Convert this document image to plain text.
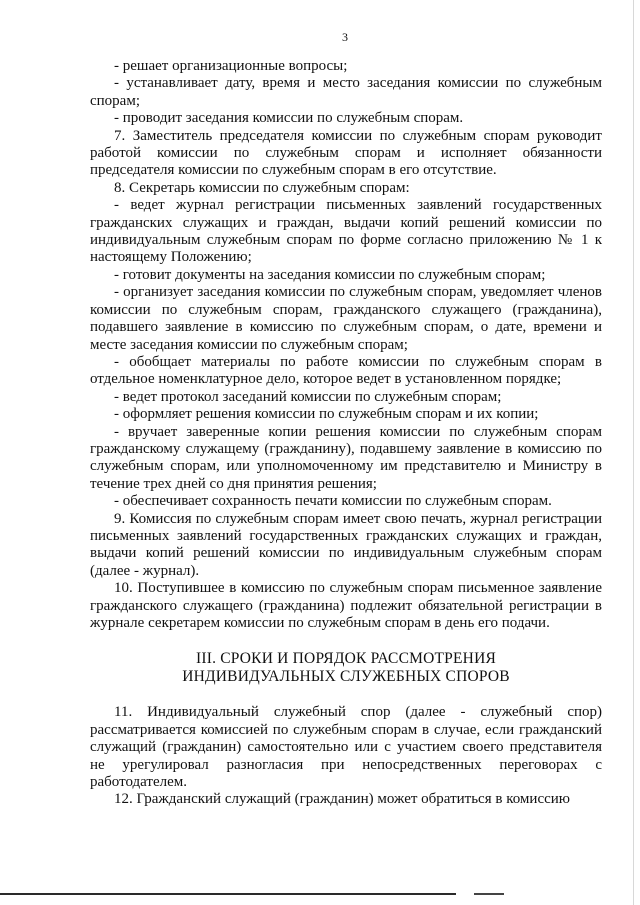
3

- решает организационные вопросы;

- устанавливает дату, время и место заседания комиссии по служебным спорам;

- проводит заседания комиссии по служебным спорам.

7. Заместитель председателя комиссии по служебным спорам руководит работой комиссии по служебным спорам и исполняет обязанности председателя комиссии по служебным спорам в его отсутствие.

8. Секретарь комиссии по служебным спорам:

- ведет журнал регистрации письменных заявлений государственных гражданских служащих и граждан, выдачи копий решений комиссии по индивидуальным служебным спорам по форме согласно приложению № 1 к настоящему Положению;

- готовит документы на заседания комиссии по служебным спорам;

- организует заседания комиссии по служебным спорам, уведомляет членов комиссии по служебным спорам, гражданского служащего (гражданина), подавшего заявление в комиссию по служебным спорам, о дате, времени и месте заседания комиссии по служебным спорам;

- обобщает материалы по работе комиссии по служебным спорам в отдельное номенклатурное дело, которое ведет в установленном порядке;

- ведет протокол заседаний комиссии по служебным спорам;

- оформляет решения комиссии по служебным спорам и их копии;

- вручает заверенные копии решения комиссии по служебным спорам гражданскому служащему (гражданину), подавшему заявление в комиссию по служебным спорам, или уполномоченному им представителю и Министру в течение трех дней со дня принятия решения;

- обеспечивает сохранность печати комиссии по служебным спорам.

9. Комиссия по служебным спорам имеет свою печать, журнал регистрации письменных заявлений государственных гражданских служащих и граждан, выдачи копий решений комиссии по индивидуальным служебным спорам (далее - журнал).

10. Поступившее в комиссию по служебным спорам письменное заявление гражданского служащего (гражданина) подлежит обязательной регистрации в журнале секретарем комиссии по служебным спорам в день его подачи.

III. СРОКИ И ПОРЯДОК РАССМОТРЕНИЯ

ИНДИВИДУАЛЬНЫХ СЛУЖЕБНЫХ СПОРОВ

11. Индивидуальный служебный спор (далее - служебный спор) рассматривается комиссией по служебным спорам в случае, если гражданский служащий (гражданин) самостоятельно или с участием своего представителя не урегулировал разногласия при непосредственных переговорах с работодателем.

12. Гражданский служащий (гражданин) может обратиться в комиссию
